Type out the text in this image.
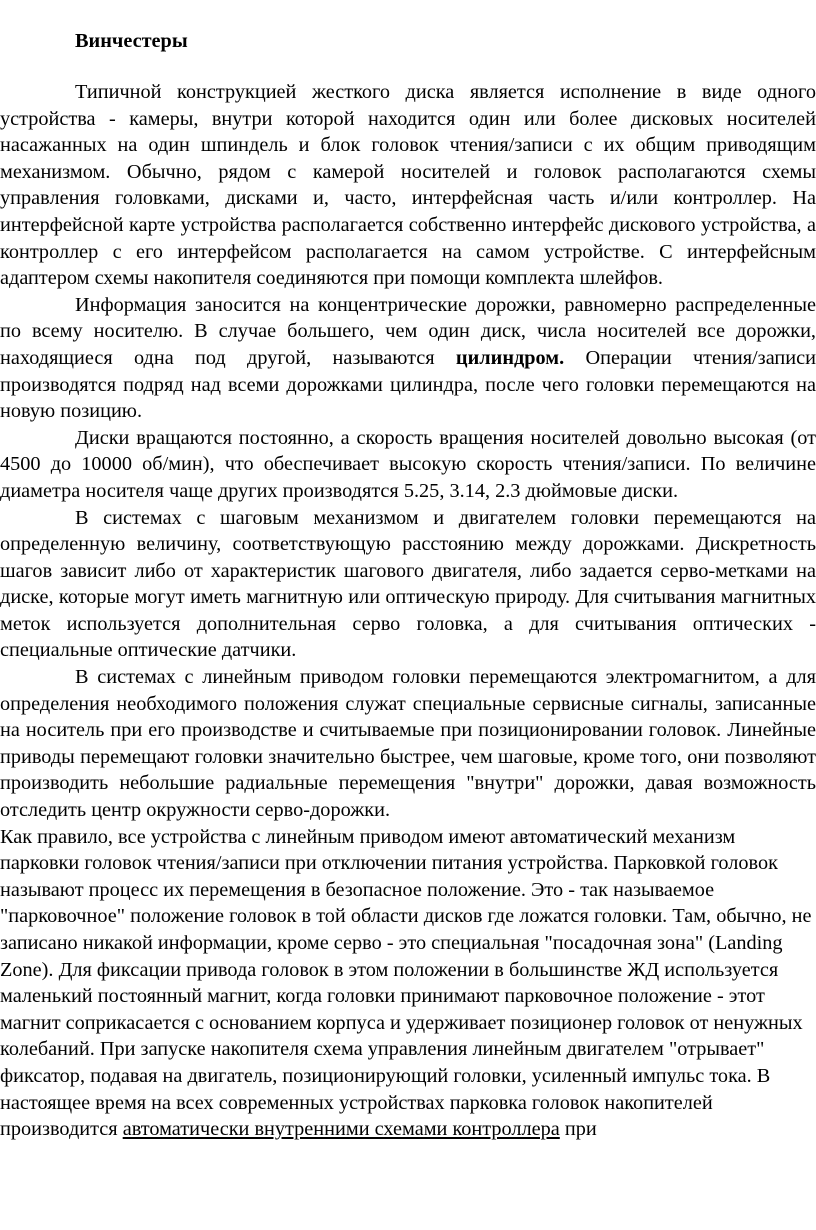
Винчестеры

Типичной конструкцией жесткого диска является исполнение в виде одного устройства - камеры, внутри которой находится один или более дисковых носителей насажанных на один шпиндель и блок головок чтения/записи с их общим приводящим механизмом. Обычно, рядом с камерой носителей и головок располагаются схемы управления головками, дисками и, часто, интерфейсная часть и/или контроллер. На интерфейсной карте устройства располагается собственно интерфейс дискового устройства, а контроллер с его интерфейсом располагается на самом устройстве. С интерфейсным адаптером схемы накопителя соединяются при помощи комплекта шлейфов.

Информация заносится на концентрические дорожки, равномерно распределенные по всему носителю. В случае большего, чем один диск, числа носителей все дорожки, находящиеся одна под другой, называются цилиндром. Операции чтения/записи производятся подряд над всеми дорожками цилиндра, после чего головки перемещаются на новую позицию.

Диски вращаются постоянно, а скорость вращения носителей довольно высокая (от 4500 до 10000 об/мин), что обеспечивает высокую скорость чтения/записи. По величине диаметра носителя чаще других производятся 5.25, 3.14, 2.3 дюймовые диски.

В системах с шаговым механизмом и двигателем головки перемещаются на определенную величину, соответствующую расстоянию между дорожками. Дискретность шагов зависит либо от характеристик шагового двигателя, либо задается серво-метками на диске, которые могут иметь магнитную или оптическую природу. Для считывания магнитных меток используется дополнительная серво головка, а для считывания оптических - специальные оптические датчики.

В системах с линейным приводом головки перемещаются электромагнитом, а для определения необходимого положения служат специальные сервисные сигналы, записанные на носитель при его производстве и считываемые при позиционировании головок. Линейные приводы перемещают головки значительно быстрее, чем шаговые, кроме того, они позволяют производить небольшие радиальные перемещения "внутри" дорожки, давая возможность отследить центр окружности серво-дорожки.

Как правило, все устройства с линейным приводом имеют автоматический механизм парковки головок чтения/записи при отключении питания устройства. Парковкой головок называют процесс их перемещения в безопасное положение. Это - так называемое "парковочное" положение головок в той области дисков где ложатся головки. Там, обычно, не записано никакой информации, кроме серво - это специальная "посадочная зона" (Landing Zone). Для фиксации привода головок в этом положении в большинстве ЖД используется маленький постоянный магнит, когда головки принимают парковочное положение - этот магнит соприкасается с основанием корпуса и удерживает позиционер головок от ненужных колебаний. При запуске накопителя схема управления линейным двигателем "отрывает" фиксатор, подавая на двигатель, позиционирующий головки, усиленный импульс тока. В настоящее время на всех современных устройствах парковка головок накопителей производится автоматически внутренними схемами контроллера при
